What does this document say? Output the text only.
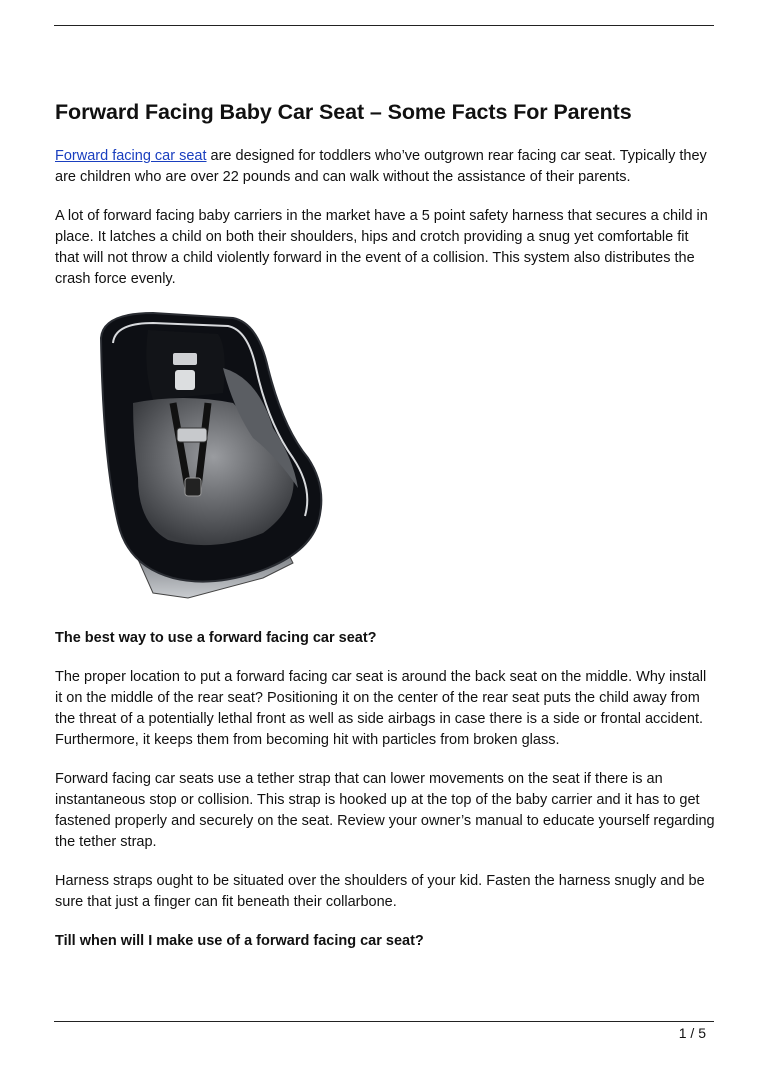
Forward Facing Baby Car Seat – Some Facts For Parents

Forward facing car seat are designed for toddlers who’ve outgrown rear facing car seat. Typically they are children who are over 22 pounds and can walk without the assistance of their parents.

A lot of forward facing baby carriers in the market have a 5 point safety harness that secures a child in place. It latches a child on both their shoulders, hips and crotch providing a snug yet comfortable fit that will not throw a child violently forward in the event of a collision. This system also distributes the crash force evenly.

The best way to use a forward facing car seat?

The proper location to put a forward facing car seat is around the back seat on the middle. Why install it on the middle of the rear seat? Positioning it on the center of the rear seat puts the child away from the threat of a potentially lethal front as well as side airbags in case there is a side or frontal accident. Furthermore, it keeps them from becoming hit with particles from broken glass.

Forward facing car seats use a tether strap that can lower movements on the seat if there is an instantaneous stop or collision. This strap is hooked up at the top of the baby carrier and it has to get fastened properly and securely on the seat. Review your owner’s manual to educate yourself regarding the tether strap.

Harness straps ought to be situated over the shoulders of your kid. Fasten the harness snugly and be sure that just a finger can fit beneath their collarbone.

Till when will I make use of a forward facing car seat?
1 / 5
